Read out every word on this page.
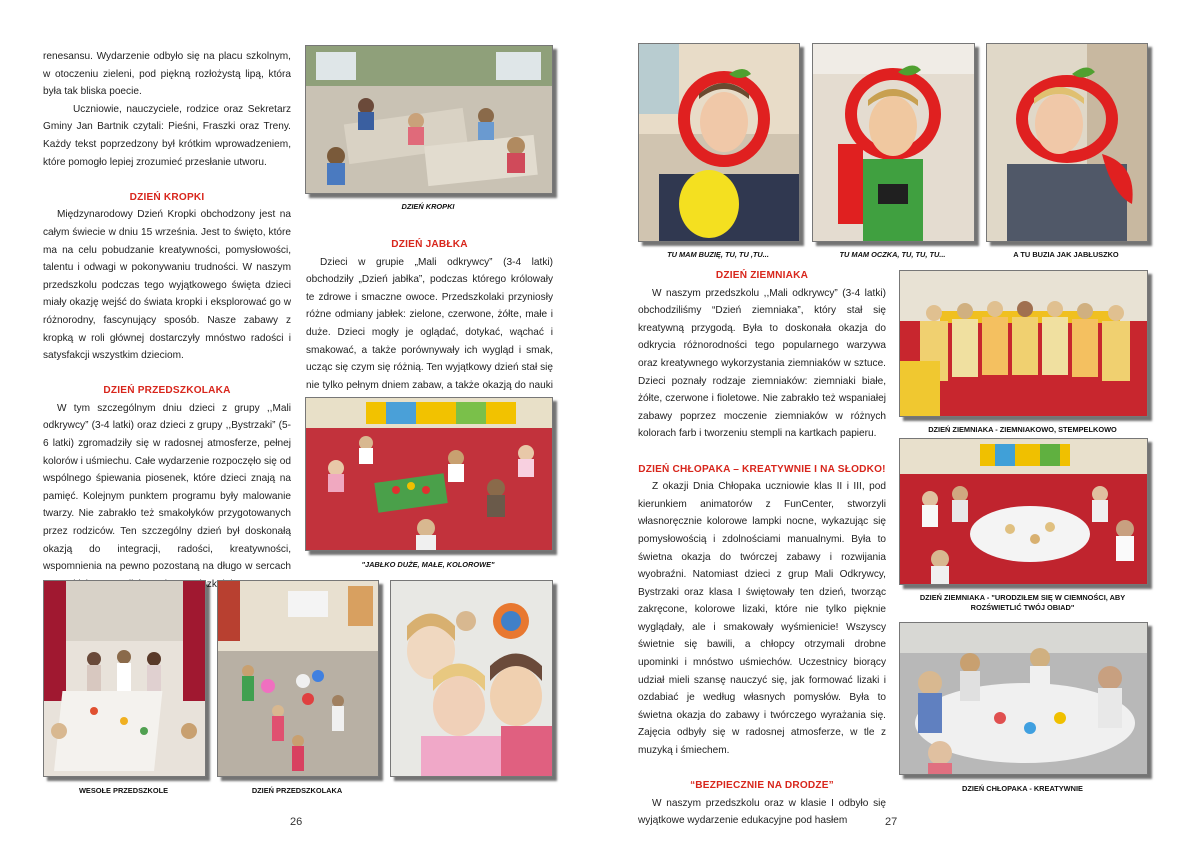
renesansu. Wydarzenie odbyło się na placu szkolnym, w otoczeniu zieleni, pod piękną rozłożystą lipą, która była tak bliska poecie.

Uczniowie, nauczyciele, rodzice oraz Sekretarz Gminy Jan Bartnik czytali: Pieśni, Fraszki oraz Treny. Każdy tekst poprzedzony był krótkim wprowadzeniem, które pomogło lepiej zrozumieć przesłanie utworu.

DZIEŃ KROPKI

Międzynarodowy Dzień Kropki obchodzony jest na całym świecie w dniu 15 września. Jest to święto, które ma na celu pobudzanie kreatywności, pomysłowości, talentu i odwagi w pokonywaniu trudności. W naszym przedszkolu podczas tego wyjątkowego święta dzieci miały okazję wejść do świata kropki i eksplorować go w różnorodny, fascynujący sposób. Nasze zabawy z kropką w roli głównej dostarczyły mnóstwo radości i satysfakcji wszystkim dzieciom.

DZIEŃ PRZEDSZKOLAKA

W tym szczególnym dniu dzieci z grupy ,,Mali odkrywcy” (3-4 latki) oraz dzieci z grupy ,,Bystrzaki” (5-6 latki) zgromadziły się w radosnej atmosferze, pełnej kolorów i uśmiechu. Całe wydarzenie rozpoczęło się od wspólnego śpiewania piosenek, które dzieci znają na pamięć. Kolejnym punktem programu były malowanie twarzy. Nie zabrakło też smakołyków przygotowanych przez rodziców. Ten szczególny dzień był doskonałą okazją do integracji, radości, kreatywności, wspomnienia na pewno pozostaną na długo w sercach Przedszkolaka.

DZIEŃ JABŁKA

Dzieci w grupie „Mali odkrywcy” (3-4 latki) obchodziły „Dzień jabłka”, podczas którego królowały te zdrowe i smaczne owoce. Przedszkolaki przyniosły różne odmiany jabłek: zielone, czerwone, żółte, małe i duże. Dzieci mogły je oglądać, dotykać, wąchać i smakować, a także porównywały ich wygląd i smak, ucząc się czym się różnią. Ten wyjątkowy dzień stał się nie tylko pełnym dniem zabaw, a także okazją do nauki

DZIEŃ KROPKI
"JABŁKO DUŻE, MAŁE, KOLOROWE"
WESOŁE PRZEDSZKOLE	DZIEŃ PRZEDSZKOLAKA
26
TU MAM BUZIĘ, TU, TU ,TU...	TU MAM OCZKA, TU, TU, TU...	A TU BUZIA JAK JABŁUSZKO

DZIEŃ ZIEMNIAKA

W naszym przedszkolu ,,Mali odkrywcy” (3-4 latki) obchodziliśmy “Dzień ziemniaka”, który stał się kreatywną przygodą. Była to doskonała okazja do odkrycia różnorodności tego popularnego warzywa oraz kreatywnego wykorzystania ziemniaków w sztuce. Dzieci poznały rodzaje ziemniaków: ziemniaki białe, żółte, czerwone i fioletowe. Nie zabrakło też wspaniałej zabawy poprzez moczenie ziemniaków w różnych kolorach farb i tworzeniu stempli na kartkach papieru.

DZIEŃ CHŁOPAKA – KREATYWNIE I NA SŁODKO!

Z okazji Dnia Chłopaka uczniowie klas II i III, pod kierunkiem animatorów z FunCenter, stworzyli własnoręcznie kolorowe lampki nocne, wykazując się pomysłowością i zdolnościami manualnymi. Była to świetna okazja do twórczej zabawy i rozwijania wyobraźni. Natomiast dzieci z grup Mali Odkrywcy, Bystrzaki oraz klasa I świętowały ten dzień, tworząc zakręcone, kolorowe lizaki, które nie tylko pięknie wyglądały, ale i smakowały wyśmienicie! Wszyscy świetnie się bawili, a chłopcy otrzymali drobne upominki i mnóstwo uśmiechów. Uczestnicy biorący udział mieli szansę nauczyć się, jak formować lizaki i ozdabiać je według własnych pomysłów. Była to świetna okazja do zabawy i twórczego wyrażania się. Zajęcia odbyły się w radosnej atmosferze, w tle z muzyką i śmiechem.

“BEZPIECZNIE NA DRODZE”

W naszym przedszkolu oraz w klasie I odbyło się wyjątkowe wydarzenie edukacyjne pod hasłem

DZIEŃ ZIEMNIAKA - ZIEMNIAKOWO, STEMPELKOWO
DZIEŃ ZIEMNIAKA - "URODZIŁEM SIĘ W CIEMNOŚCI, ABY ROZŚWIETLIĆ TWÓJ OBIAD"
DZIEŃ CHŁOPAKA - KREATYWNIE
27
